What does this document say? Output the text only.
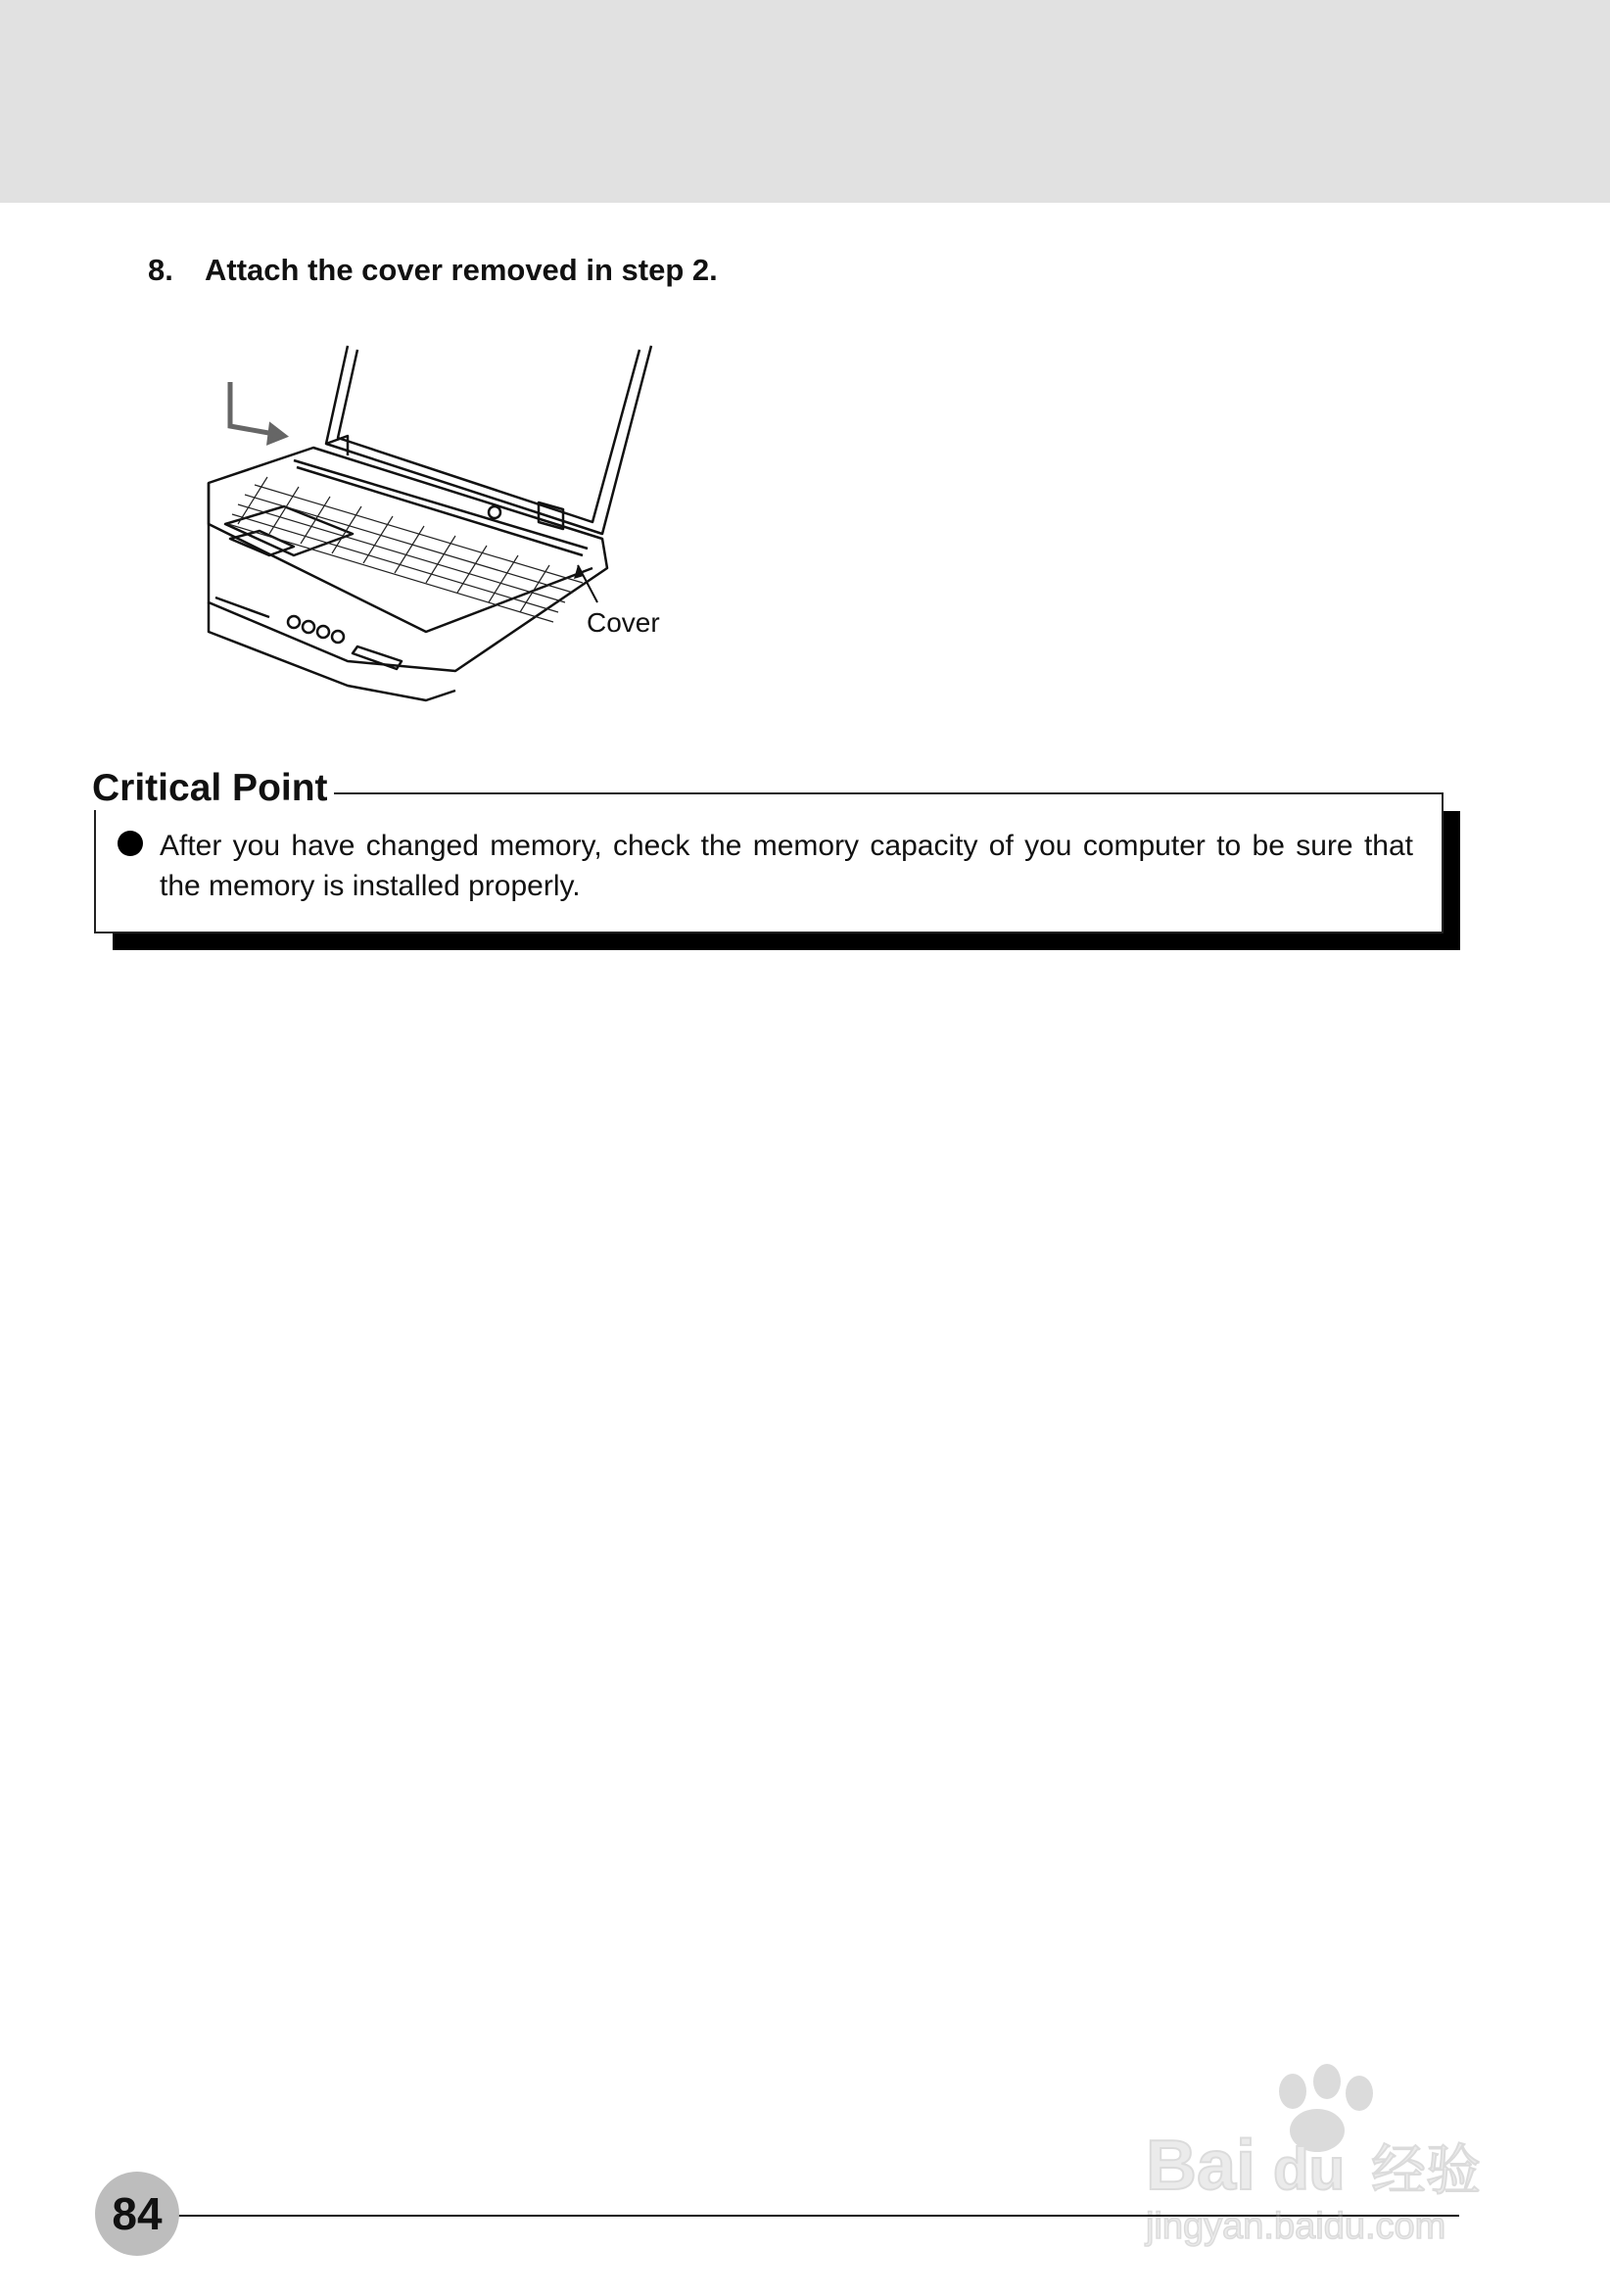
8.	Attach the cover removed in step 2.
Cover
Critical Point
After you have changed memory, check the memory capacity of you computer to be sure that the memory is installed properly.
84
Bai du 经验
jingyan.baidu.com
